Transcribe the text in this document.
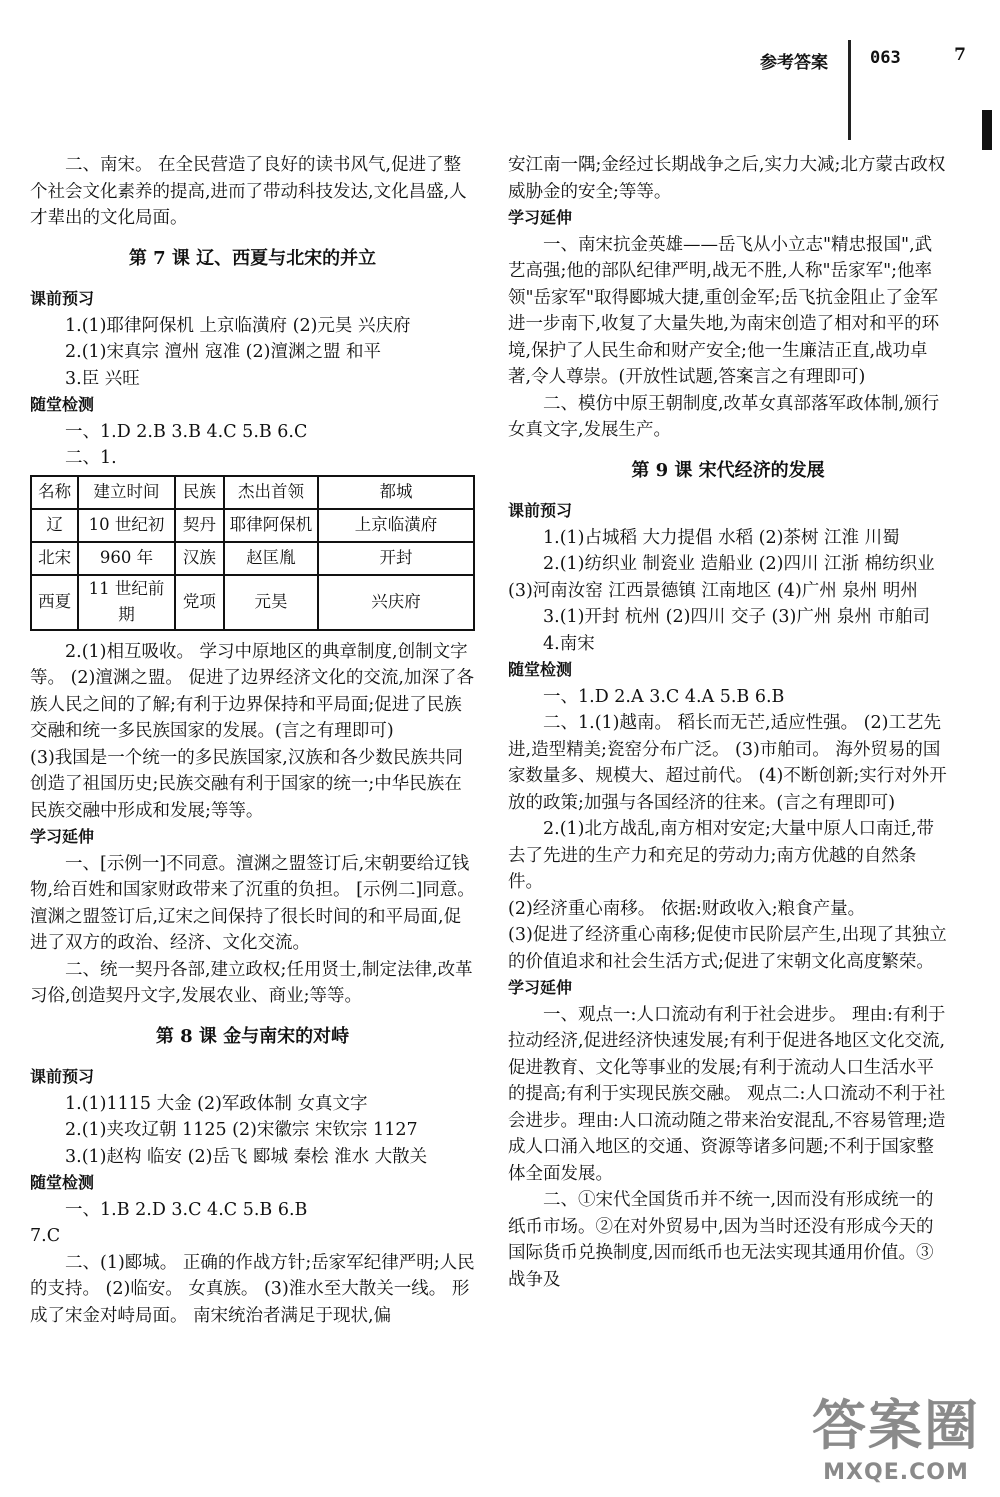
参考答案 063	7

二、南宋。 在全民营造了良好的读书风气,促进了整个社会文化素养的提高,进而了带动科技发达,文化昌盛,人才辈出的文化局面。

第 7 课 辽、西夏与北宋的并立

课前预习

1.(1)耶律阿保机 上京临潢府 (2)元昊 兴庆府

2.(1)宋真宗 澶州 寇准 (2)澶渊之盟 和平

3.臣 兴旺

随堂检测

一、1.D 2.B 3.B 4.C 5.B 6.C

二、1.

名称	建立时间	民族	杰出首领	都城
辽	10 世纪初	契丹	耶律阿保机	上京临潢府
北宋	960 年	汉族	赵匡胤	开封
西夏	11 世纪前期	党项	元昊	兴庆府

2.(1)相互吸收。 学习中原地区的典章制度,创制文字等。 (2)澶渊之盟。 促进了边界经济文化的交流,加深了各族人民之间的了解;有利于边界保持和平局面;促进了民族交融和统一多民族国家的发展。(言之有理即可)

(3)我国是一个统一的多民族国家,汉族和各少数民族共同创造了祖国历史;民族交融有利于国家的统一;中华民族在民族交融中形成和发展;等等。

学习延伸

一、[示例一]不同意。澶渊之盟签订后,宋朝要给辽钱物,给百姓和国家财政带来了沉重的负担。 [示例二]同意。澶渊之盟签订后,辽宋之间保持了很长时间的和平局面,促进了双方的政治、经济、文化交流。

二、统一契丹各部,建立政权;任用贤士,制定法律,改革习俗,创造契丹文字,发展农业、商业;等等。

第 8 课 金与南宋的对峙

课前预习

1.(1)1115 大金 (2)军政体制 女真文字

2.(1)夹攻辽朝 1125 (2)宋徽宗 宋钦宗 1127

3.(1)赵构 临安 (2)岳飞 郾城 秦桧 淮水 大散关

随堂检测

一、1.B 2.D 3.C 4.C 5.B 6.B

7.C

二、(1)郾城。 正确的作战方针;岳家军纪律严明;人民的支持。 (2)临安。 女真族。 (3)淮水至大散关一线。 形成了宋金对峙局面。 南宋统治者满足于现状,偏

安江南一隅;金经过长期战争之后,实力大减;北方蒙古政权威胁金的安全;等等。

学习延伸

一、南宋抗金英雄——岳飞从小立志"精忠报国",武艺高强;他的部队纪律严明,战无不胜,人称"岳家军";他率领"岳家军"取得郾城大捷,重创金军;岳飞抗金阻止了金军进一步南下,收复了大量失地,为南宋创造了相对和平的环境,保护了人民生命和财产安全;他一生廉洁正直,战功卓著,令人尊崇。(开放性试题,答案言之有理即可)

二、模仿中原王朝制度,改革女真部落军政体制,颁行女真文字,发展生产。

第 9 课 宋代经济的发展

课前预习

1.(1)占城稻 大力提倡 水稻 (2)茶树 江淮 川蜀

2.(1)纺织业 制瓷业 造船业 (2)四川 江浙 棉纺织业 (3)河南汝窑 江西景德镇 江南地区 (4)广州 泉州 明州

3.(1)开封 杭州 (2)四川 交子 (3)广州 泉州 市舶司

4.南宋

随堂检测

一、1.D 2.A 3.C 4.A 5.B 6.B

二、1.(1)越南。 稻长而无芒,适应性强。 (2)工艺先进,造型精美;瓷窑分布广泛。 (3)市舶司。 海外贸易的国家数量多、规模大、超过前代。 (4)不断创新;实行对外开放的政策;加强与各国经济的往来。(言之有理即可)

2.(1)北方战乱,南方相对安定;大量中原人口南迁,带去了先进的生产力和充足的劳动力;南方优越的自然条件。

(2)经济重心南移。 依据:财政收入;粮食产量。

(3)促进了经济重心南移;促使市民阶层产生,出现了其独立的价值追求和社会生活方式;促进了宋朝文化高度繁荣。

学习延伸

一、观点一:人口流动有利于社会进步。 理由:有利于拉动经济,促进经济快速发展;有利于促进各地区文化交流,促进教育、文化等事业的发展;有利于流动人口生活水平的提高;有利于实现民族交融。 观点二:人口流动不利于社会进步。理由:人口流动随之带来治安混乱,不容易管理;造成人口涌入地区的交通、资源等诸多问题;不利于国家整体全面发展。

二、①宋代全国货币并不统一,因而没有形成统一的纸币市场。②在对外贸易中,因为当时还没有形成今天的国际货币兑换制度,因而纸币也无法实现其通用价值。③战争及

答案圈
MXQE.COM
